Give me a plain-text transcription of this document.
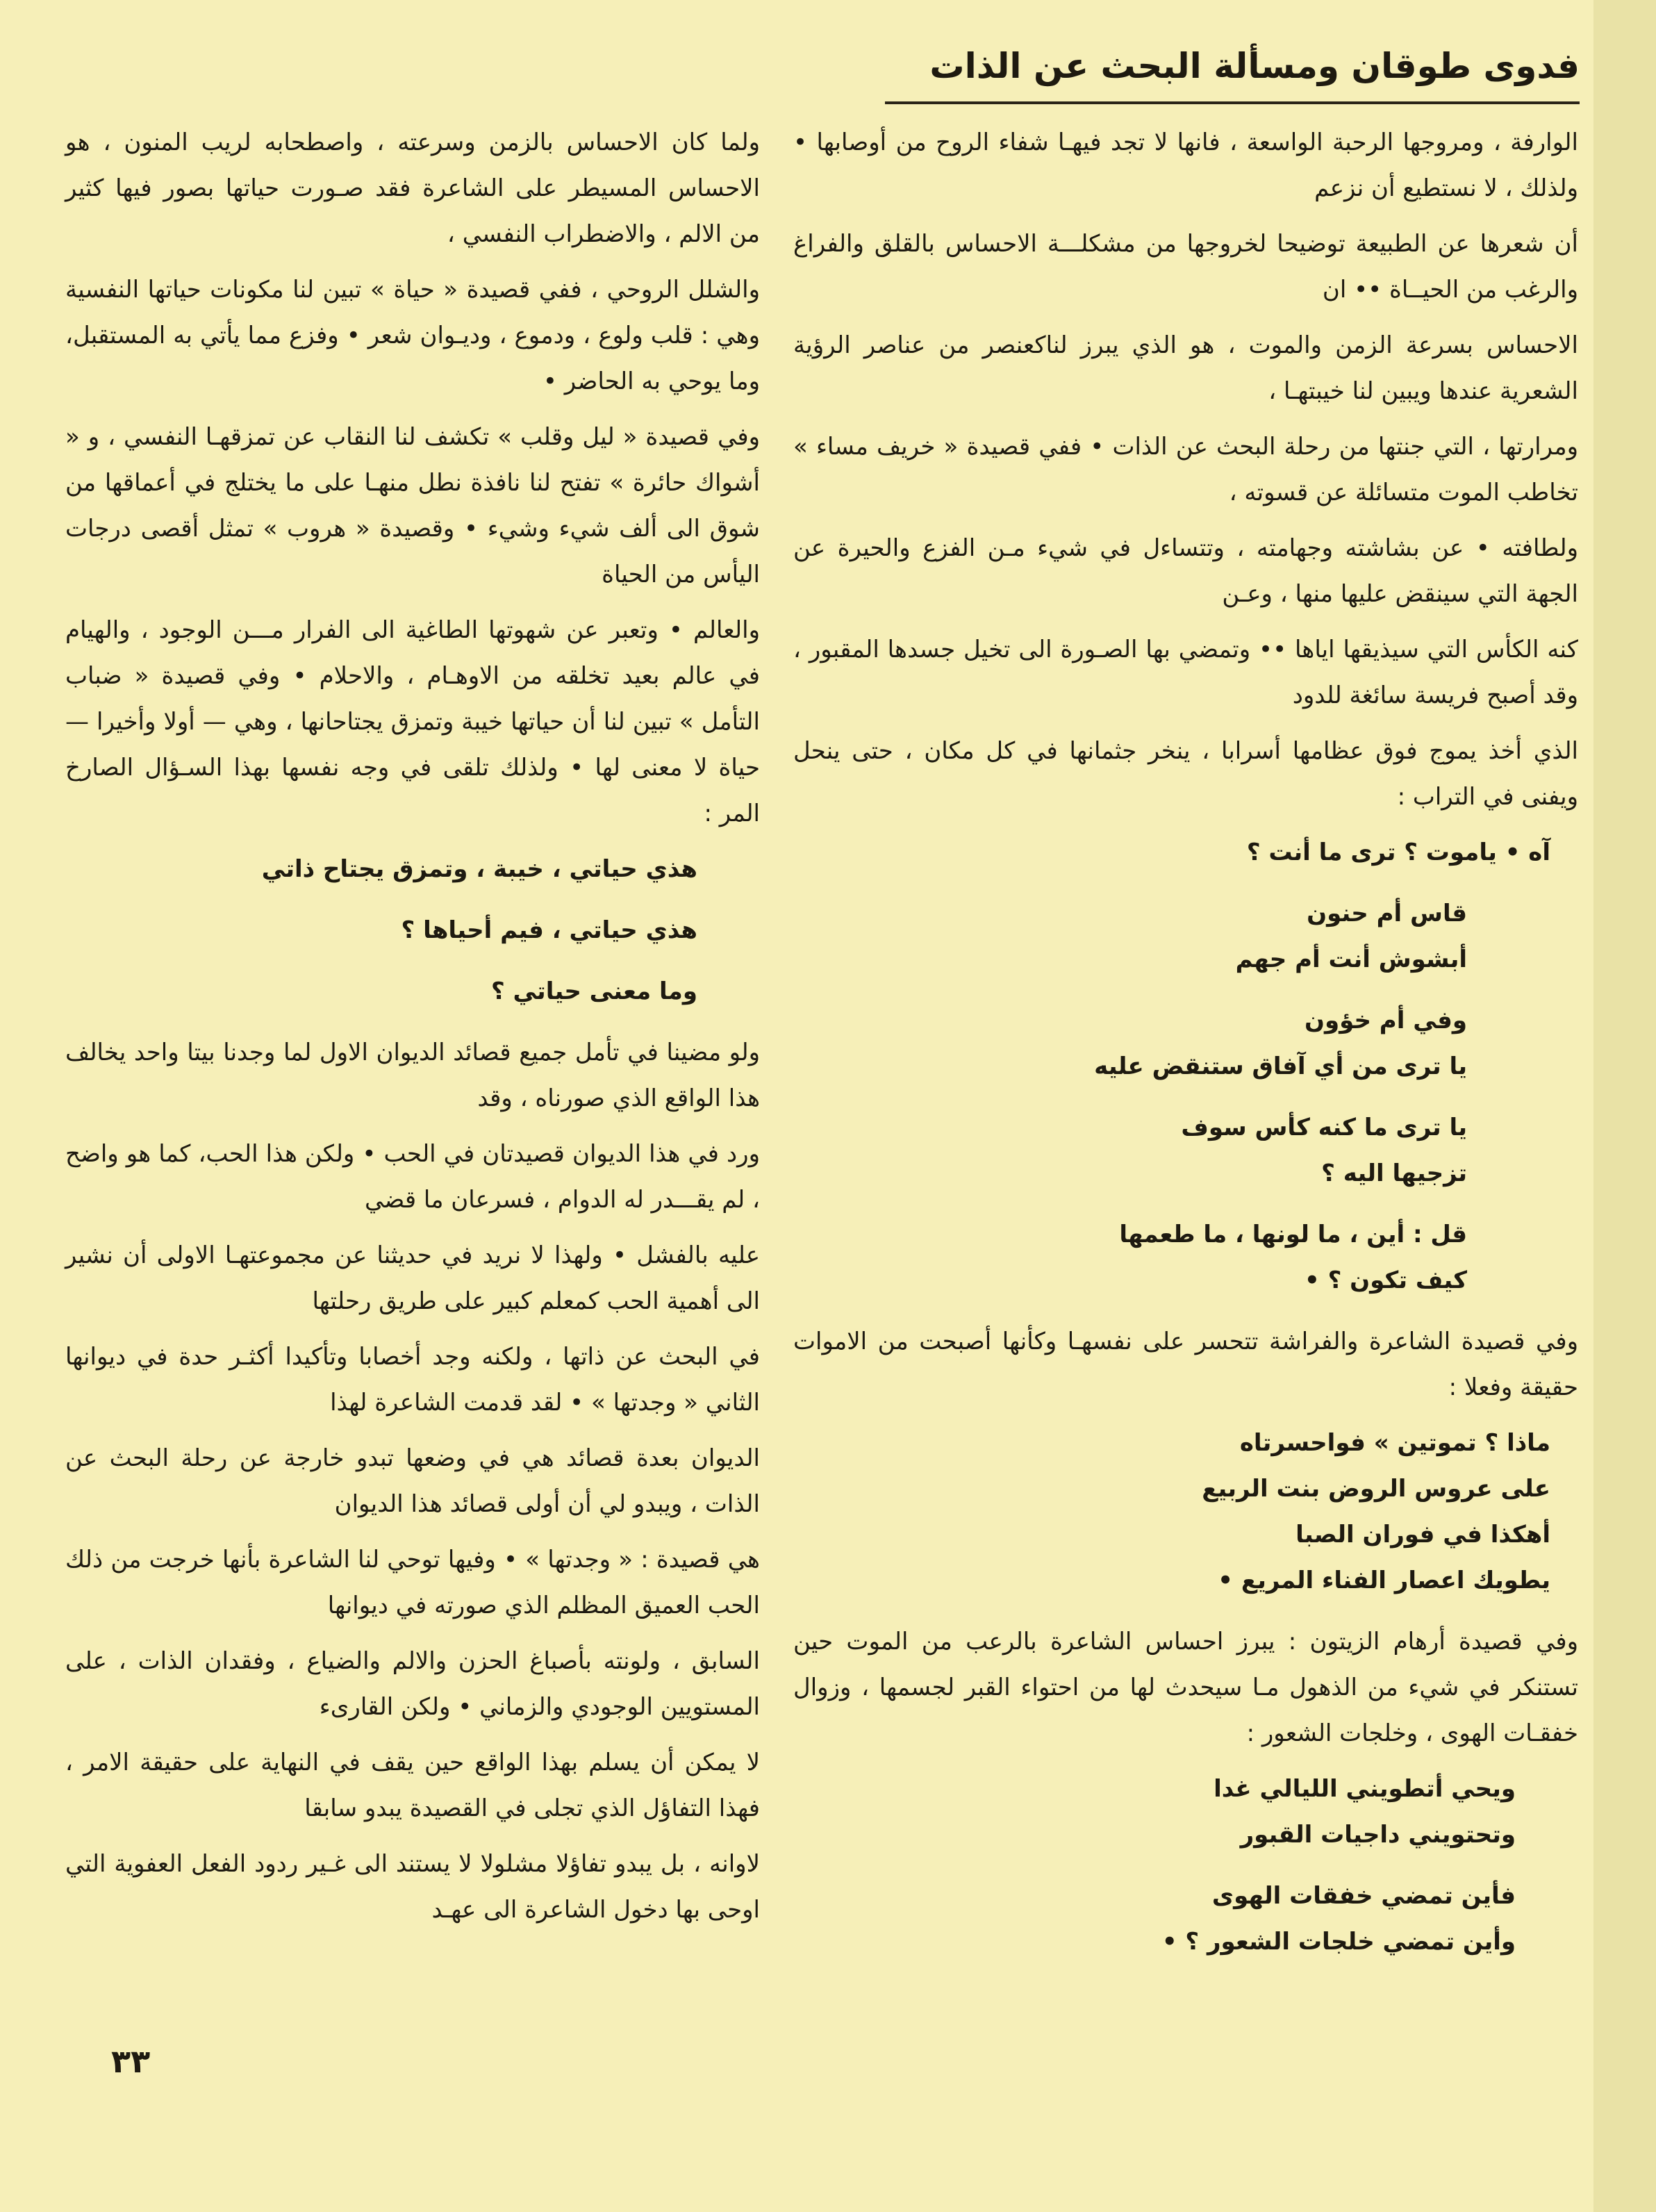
فدوى طوقان ومسألة البحث عن الذات

الوارفة ، ومروجها الرحبة الواسعة ، فانها لا تجد فيهـا شفاء الروح من أوصابها • ولذلك ، لا نستطيع أن نزعم

أن شعرها عن الطبيعة توضيحا لخروجها من مشكلـــة الاحساس بالقلق والفراغ والرغب من الحيــاة •• ان

الاحساس بسرعة الزمن والموت ، هو الذي يبرز لناكعنصر من عناصر الرؤية الشعرية عندها ويبين لنا خيبتهـا ،

ومرارتها ، التي جنتها من رحلة البحث عن الذات • ففي قصيدة « خريف مساء » تخاطب الموت متسائلة عن قسوته ،

ولطافته • عن بشاشته وجهامته ، وتتساءل في شيء مـن الفزع والحيرة عن الجهة التي سينقض عليها منها ، وعـن

كنه الكأس التي سيذيقها اياها •• وتمضي بها الصـورة الى تخيل جسدها المقبور ، وقد أصبح فريسة سائغة للدود

الذي أخذ يموج فوق عظامها أسرابا ، ينخر جثمانها في كل مكان ، حتى ينحل ويفنى في التراب :

آه • ياموت ؟ ترى ما أنت ؟

قاس أم حنون

أبشوش أنت أم جهم

وفي أم خؤون

يا ترى من أي آفاق ستنقض عليه

يا ترى ما كنه كأس سوف

تزجيها اليه ؟

قل : أين ، ما لونها ، ما طعمها

كيف تكون ؟ •

وفي قصيدة الشاعرة والفراشة تتحسر على نفسهـا وكأنها أصبحت من الاموات حقيقة وفعلا :

ماذا ؟ تموتين » فواحسرتاه

على عروس الروض بنت الربيع

أهكذا في فوران الصبا

يطويك اعصار الفناء المريع •

وفي قصيدة أرهام الزيتون : يبرز احساس الشاعرة بالرعب من الموت حين تستنكر في شيء من الذهول مـا سيحدث لها من احتواء القبر لجسمها ، وزوال خفقـات الهوى ، وخلجات الشعور :

ويحي أتطويني الليالي غدا

وتحتويني داجيات القبور

فأين تمضي خفقات الهوى

وأين تمضي خلجات الشعور ؟ •

ولما كان الاحساس بالزمن وسرعته ، واصطحابه لريب المنون ، هو الاحساس المسيطر على الشاعرة فقد صـورت حياتها بصور فيها كثير من الالم ، والاضطراب النفسي ،

والشلل الروحي ، ففي قصيدة « حياة » تبين لنا مكونات حياتها النفسية وهي : قلب ولوع ، ودموع ، وديـوان شعر • وفزع مما يأتي به المستقبل، وما يوحي به الحاضر •

وفي قصيدة « ليل وقلب » تكشف لنا النقاب عن تمزقهـا النفسي ، و « أشواك حائرة » تفتح لنا نافذة نطل منهـا على ما يختلج في أعماقها من شوق الى ألف شيء وشيء • وقصيدة « هروب » تمثل أقصى درجات اليأس من الحياة

والعالم • وتعبر عن شهوتها الطاغية الى الفرار مـــن الوجود ، والهيام في عالم بعيد تخلقه من الاوهـام ، والاحلام • وفي قصيدة « ضباب التأمل » تبين لنا أن حياتها خيبة وتمزق يجتاحانها ، وهي — أولا وأخيرا — حياة لا معنى لها • ولذلك تلقى في وجه نفسها بهذا السـؤال الصارخ المر :

هذي حياتي ، خيبة ، وتمزق يجتاح ذاتي

هذي حياتي ، فيم أحياها ؟

وما معنى حياتي ؟

ولو مضينا في تأمل جميع قصائد الديوان الاول لما وجدنا بيتا واحد يخالف هذا الواقع الذي صورناه ، وقد

ورد في هذا الديوان قصيدتان في الحب • ولكن هذا الحب، كما هو واضح ، لم يقـــدر له الدوام ، فسرعان ما قضي

عليه بالفشل • ولهذا لا نريد في حديثنا عن مجموعتهـا الاولى أن نشير الى أهمية الحب كمعلم كبير على طريق رحلتها

في البحث عن ذاتها ، ولكنه وجد أخصابا وتأكيدا أكثـر حدة في ديوانها الثاني « وجدتها » • لقد قدمت الشاعرة لهذا

الديوان بعدة قصائد هي في وضعها تبدو خارجة عن رحلة البحث عن الذات ، ويبدو لي أن أولى قصائد هذا الديوان

هي قصيدة : « وجدتها » • وفيها توحي لنا الشاعرة بأنها خرجت من ذلك الحب العميق المظلم الذي صورته في ديوانها

السابق ، ولونته بأصباغ الحزن والالم والضياع ، وفقدان الذات ، على المستويين الوجودي والزماني • ولكن القارىء

لا يمكن أن يسلم بهذا الواقع حين يقف في النهاية على حقيقة الامر ، فهذا التفاؤل الذي تجلى في القصيدة يبدو سابقا

لاوانه ، بل يبدو تفاؤلا مشلولا لا يستند الى غـير ردود الفعل العفوية التي اوحى بها دخول الشاعرة الى عهـد

٣٣
